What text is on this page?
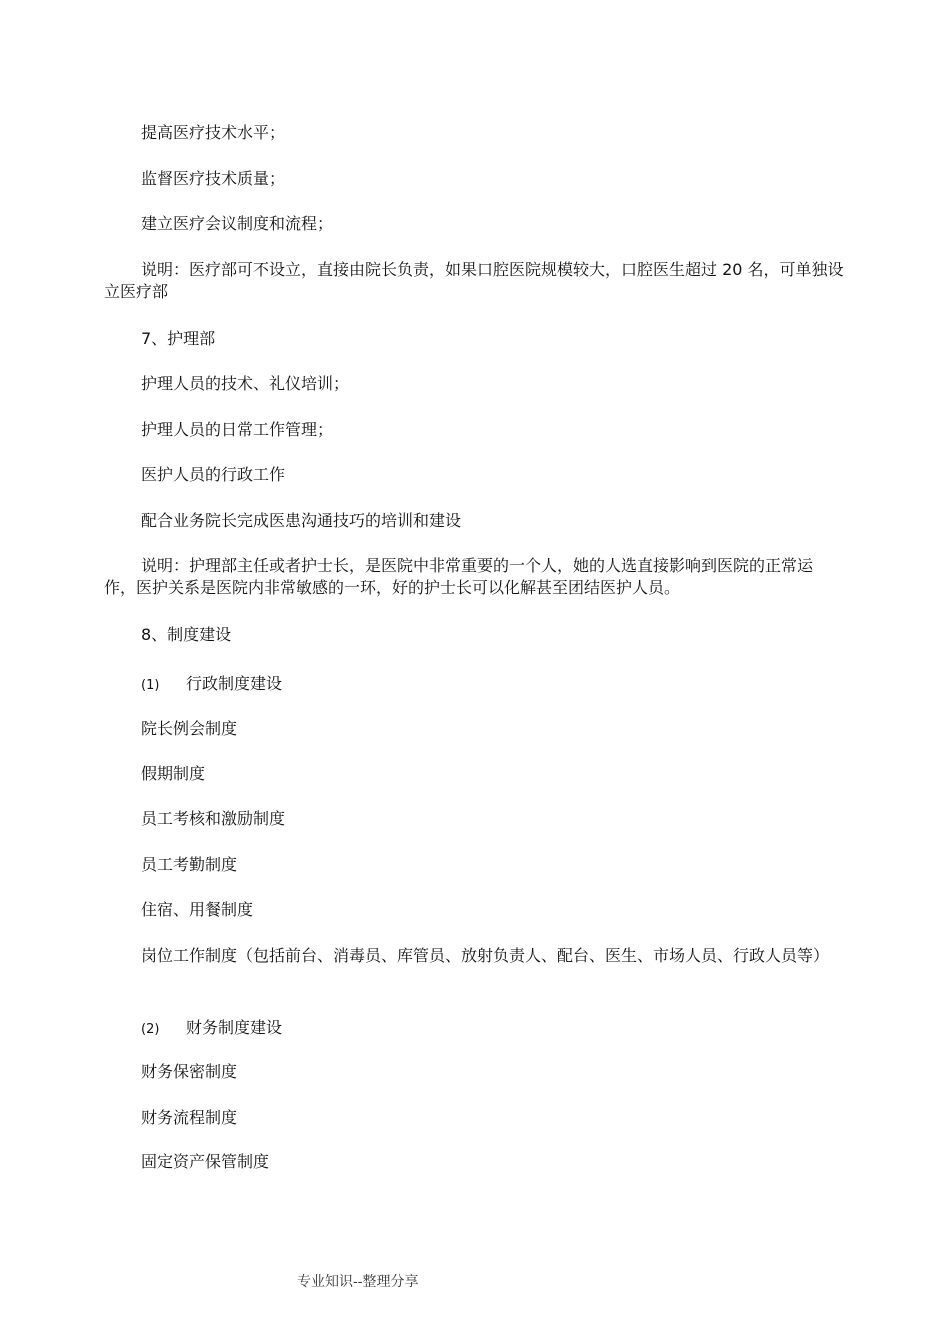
提高医疗技术水平；

监督医疗技术质量；

建立医疗会议制度和流程；

说明：医疗部可不设立，直接由院长负责，如果口腔医院规模较大，口腔医生超过 20 名，可单独设立医疗部

7、护理部

护理人员的技术、礼仪培训；

护理人员的日常工作管理；

医护人员的行政工作

配合业务院长完成医患沟通技巧的培训和建设

说明：护理部主任或者护士长，是医院中非常重要的一个人，她的人选直接影响到医院的正常运作，医护关系是医院内非常敏感的一环，好的护士长可以化解甚至团结医护人员。

8、制度建设

(1) 行政制度建设

院长例会制度

假期制度

员工考核和激励制度

员工考勤制度

住宿、用餐制度

岗位工作制度（包括前台、消毒员、库管员、放射负责人、配台、医生、市场人员、行政人员等）

(2) 财务制度建设

财务保密制度

财务流程制度

固定资产保管制度

专业知识--整理分享
